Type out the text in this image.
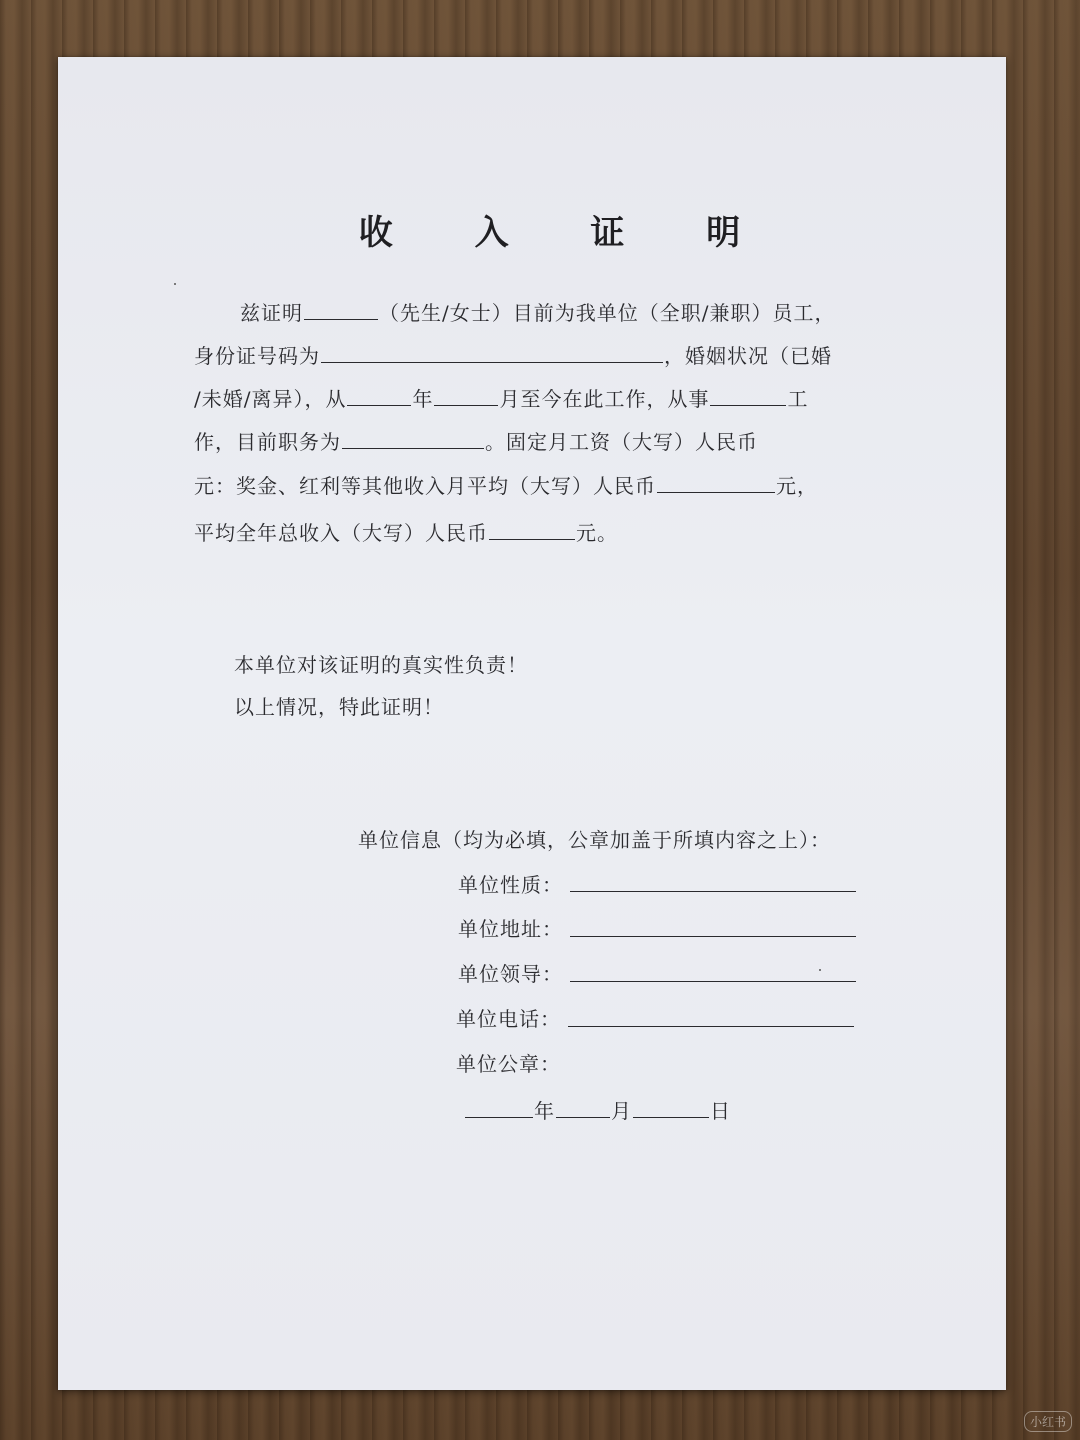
收 入 证 明
兹证明	（先生/女士）目前为我单位（全职/兼职）员工，
身份证号码为	，婚姻状况（已婚
/未婚/离异），从	年	月至今在此工作，从事	工
作，目前职务为	。固定月工资（大写）人民币
元：奖金、红利等其他收入月平均（大写）人民币	元，
平均全年总收入（大写）人民币	元。
本单位对该证明的真实性负责！
以上情况，特此证明！
单位信息（均为必填，公章加盖于所填内容之上）：
单位性质：
单位地址：
单位领导：
单位电话：
单位公章：
年	月	日
小红书
